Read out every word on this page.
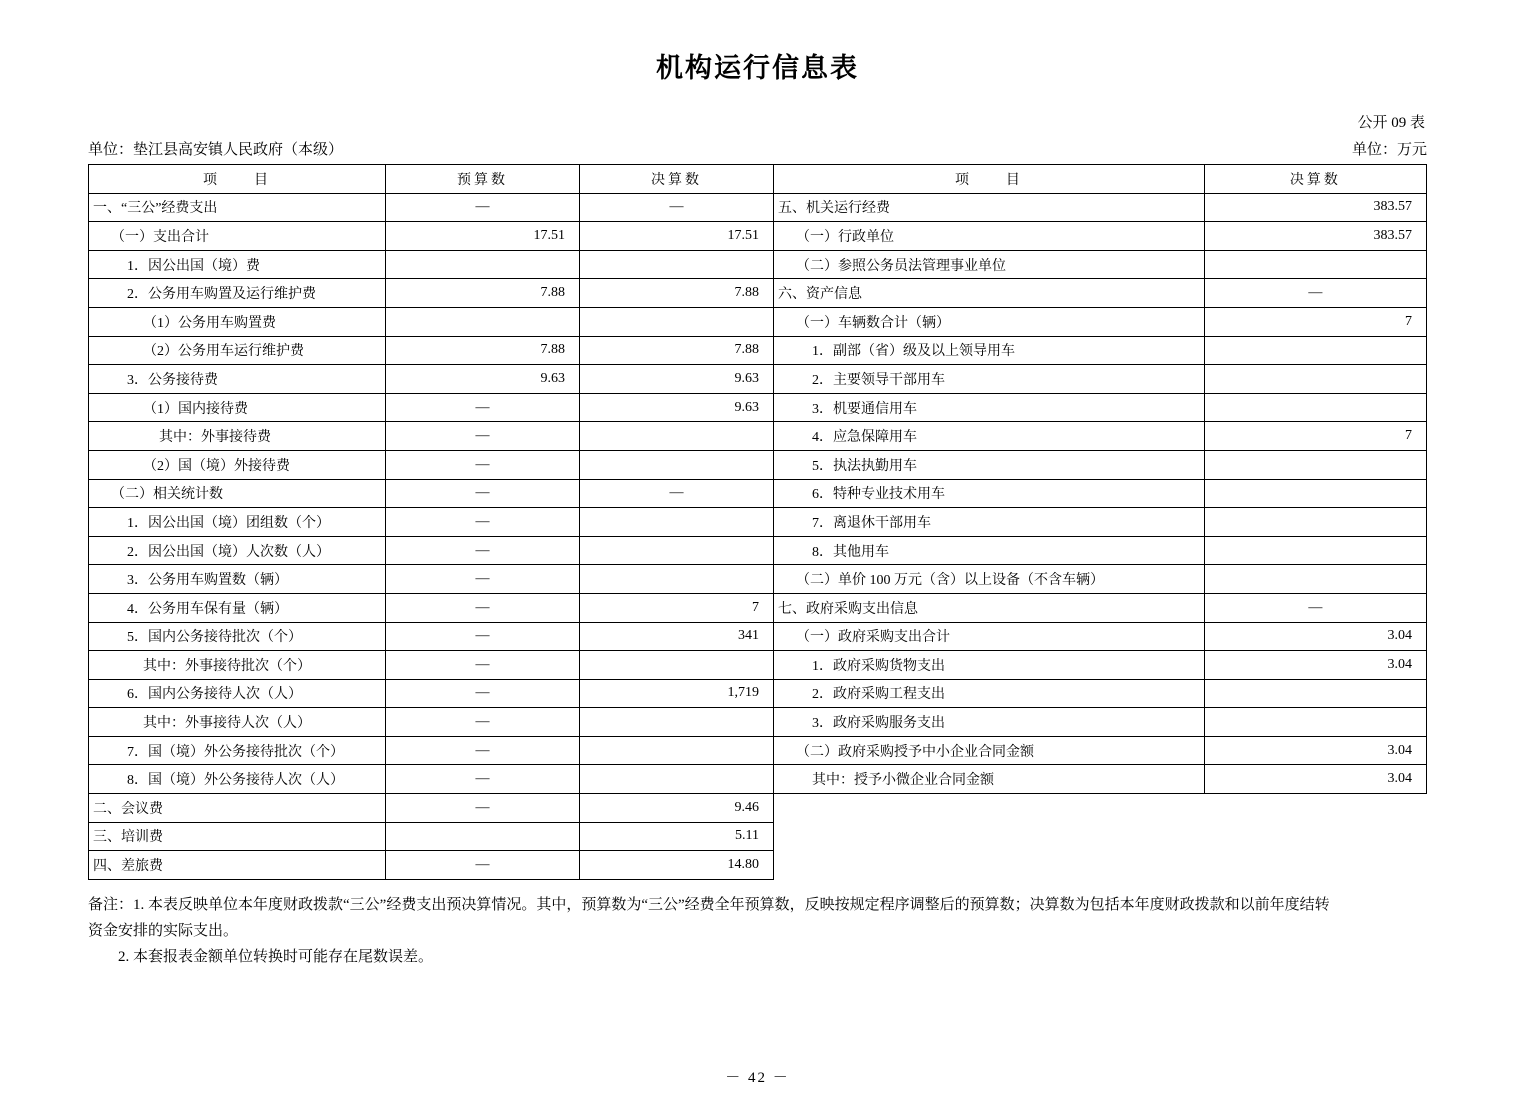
机构运行信息表
公开 09 表
单位：垫江县高安镇人民政府（本级）	单位：万元
项　　目	预算数	决算数	项　　目	决算数
一、“三公”经费支出	—	—	五、机关运行经费	383.57
（一）支出合计	17.51	17.51	（一）行政单位	383.57
1．因公出国（境）费			（二）参照公务员法管理事业单位	
2．公务用车购置及运行维护费	7.88	7.88	六、资产信息	—
（1）公务用车购置费			（一）车辆数合计（辆）	7
（2）公务用车运行维护费	7.88	7.88	1．副部（省）级及以上领导用车	
3．公务接待费	9.63	9.63	2．主要领导干部用车	
（1）国内接待费	—	9.63	3．机要通信用车	
其中：外事接待费	—		4．应急保障用车	7
（2）国（境）外接待费	—		5．执法执勤用车	
（二）相关统计数	—	—	6．特种专业技术用车	
1．因公出国（境）团组数（个）	—		7．离退休干部用车	
2．因公出国（境）人次数（人）	—		8．其他用车	
3．公务用车购置数（辆）	—		（二）单价 100 万元（含）以上设备（不含车辆）	
4．公务用车保有量（辆）	—	7	七、政府采购支出信息	—
5．国内公务接待批次（个）	—	341	（一）政府采购支出合计	3.04
其中：外事接待批次（个）	—		1．政府采购货物支出	3.04
6．国内公务接待人次（人）	—	1,719	2．政府采购工程支出	
其中：外事接待人次（人）	—		3．政府采购服务支出	
7．国（境）外公务接待批次（个）	—		（二）政府采购授予中小企业合同金额	3.04
8．国（境）外公务接待人次（人）	—		其中：授予小微企业合同金额	3.04
二、会议费	—	9.46		
三、培训费		5.11		
四、差旅费	—	14.80		

备注：1. 本表反映单位本年度财政拨款“三公”经费支出预决算情况。其中，预算数为“三公”经费全年预算数，反映按规定程序调整后的预算数；决算数为包括本年度财政拨款和以前年度结转

资金安排的实际支出。

2. 本套报表金额单位转换时可能存在尾数误差。

－ 42 －
